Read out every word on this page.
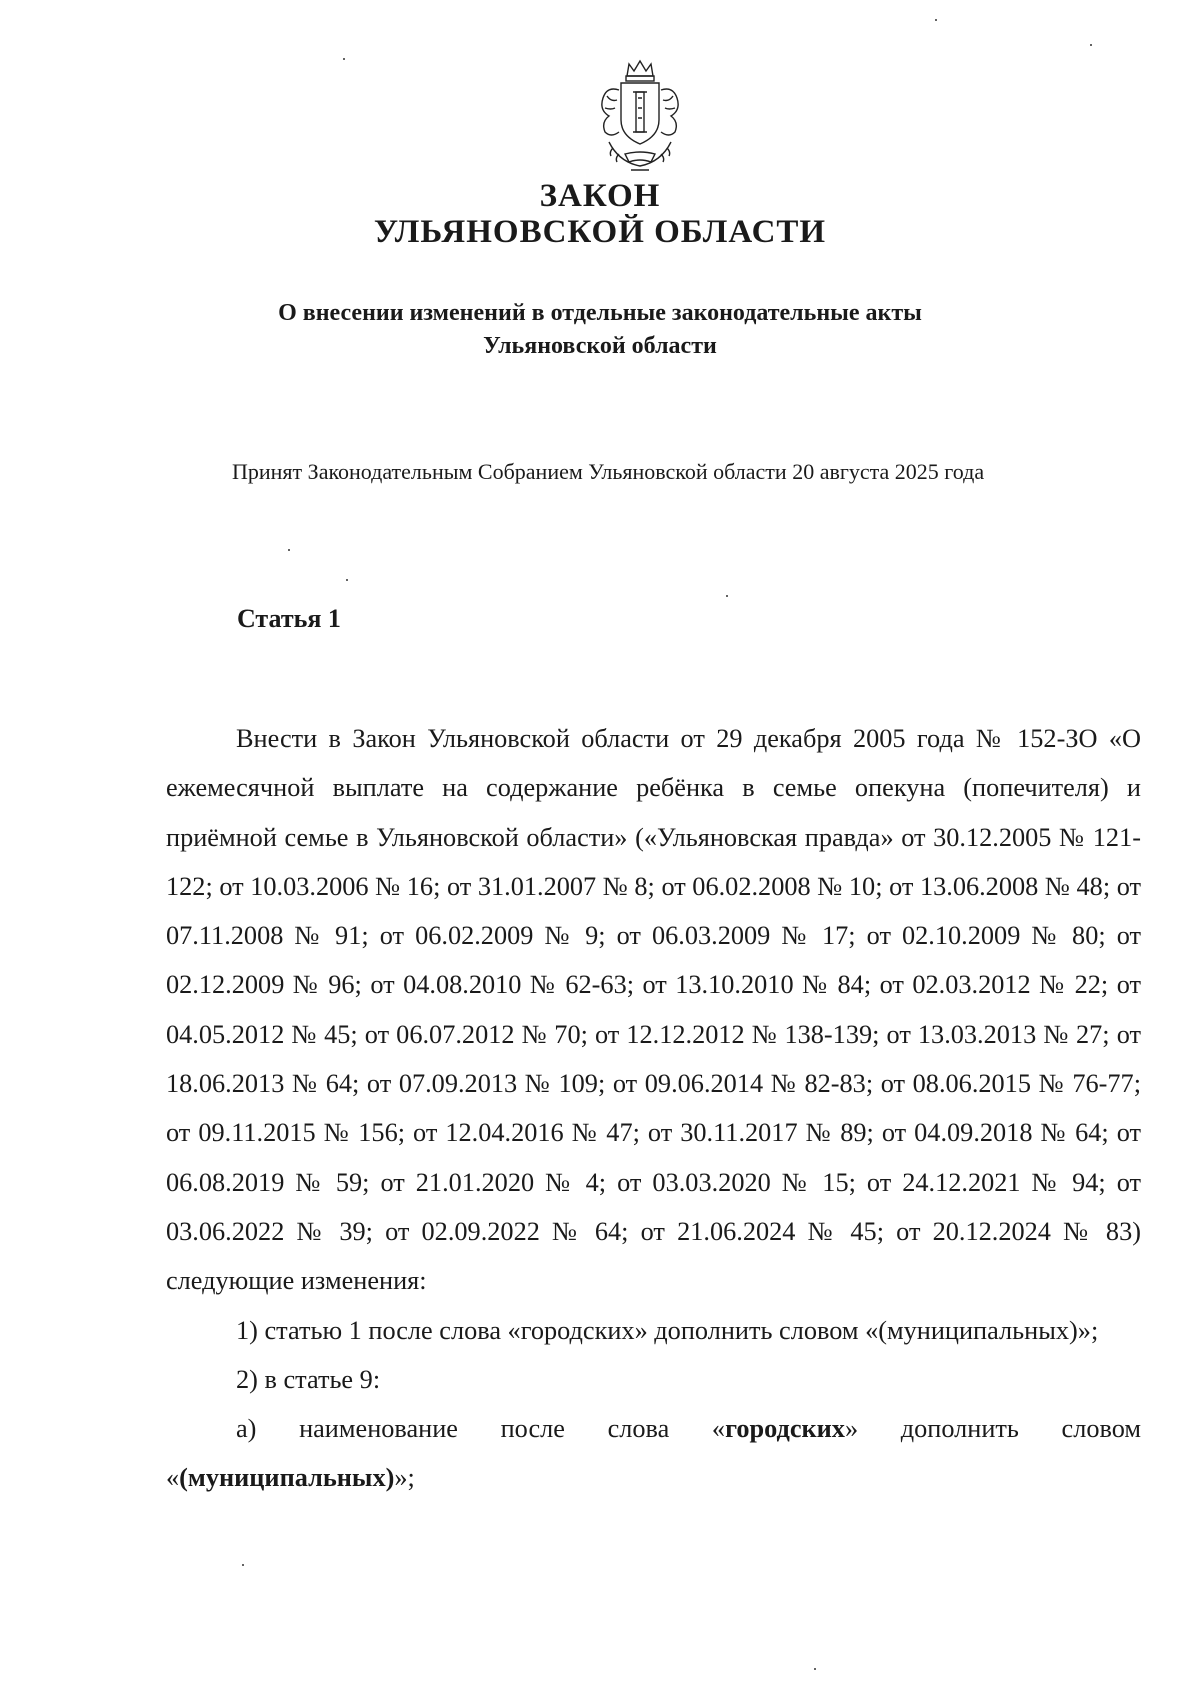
ЗАКОН
УЛЬЯНОВСКОЙ ОБЛАСТИ
О внесении изменений в отдельные законодательные акты
Ульяновской области
Принят Законодательным Собранием Ульяновской области 20 августа 2025 года
Статья 1

Внести в Закон Ульяновской области от 29 декабря 2005 года № 152-ЗО «О ежемесячной выплате на содержание ребёнка в семье опекуна (попечителя) и приёмной семье в Ульяновской области» («Ульяновская правда» от 30.12.2005 № 121-122; от 10.03.2006 № 16; от 31.01.2007 № 8; от 06.02.2008 № 10; от 13.06.2008 № 48; от 07.11.2008 № 91; от 06.02.2009 № 9; от 06.03.2009 № 17; от 02.10.2009 № 80; от 02.12.2009 № 96; от 04.08.2010 № 62-63; от 13.10.2010 № 84; от 02.03.2012 № 22; от 04.05.2012 № 45; от 06.07.2012 № 70; от 12.12.2012 № 138-139; от 13.03.2013 № 27; от 18.06.2013 № 64; от 07.09.2013 № 109; от 09.06.2014 № 82-83; от 08.06.2015 № 76-77; от 09.11.2015 № 156; от 12.04.2016 № 47; от 30.11.2017 № 89; от 04.09.2018 № 64; от 06.08.2019 № 59; от 21.01.2020 № 4; от 03.03.2020 № 15; от 24.12.2021 № 94; от 03.06.2022 № 39; от 02.09.2022 № 64; от 21.06.2024 № 45; от 20.12.2024 № 83) следующие изменения:

1) статью 1 после слова «городских» дополнить словом «(муниципальных)»;

2) в статье 9:

а) наименование после слова «городских» дополнить словом «(муниципальных)»;
